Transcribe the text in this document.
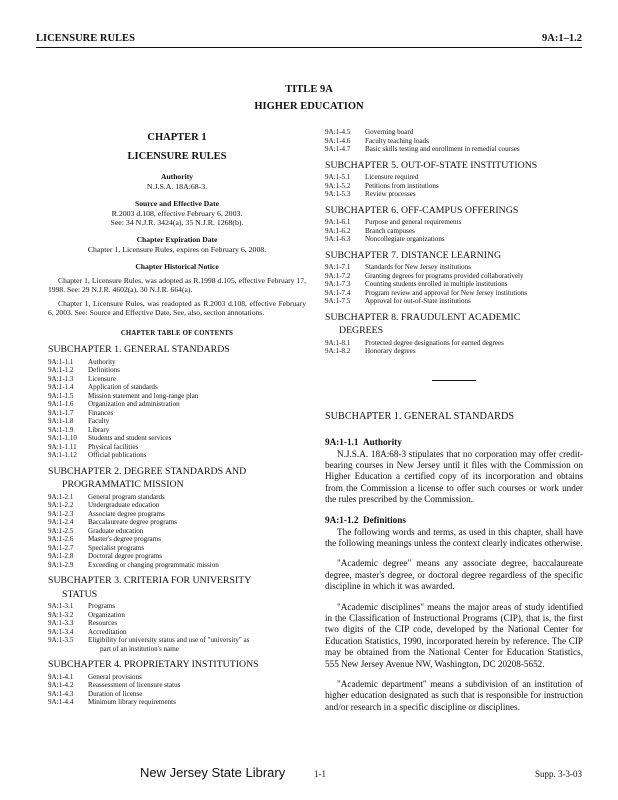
LICENSURE RULES	9A:1–1.2
TITLE 9A
HIGHER EDUCATION
CHAPTER 1
LICENSURE RULES
Authority
N.J.S.A. 18A:68-3.
Source and Effective Date
R.2003 d.108, effective February 6, 2003.
See: 34 N.J.R. 3424(a), 35 N.J.R. 1268(b).
Chapter Expiration Date
Chapter 1, Licensure Rules, expires on February 6, 2008.
Chapter Historical Notice

Chapter 1, Licensure Rules, was adopted as R.1998 d.105, effective February 17, 1998. See: 29 N.J.R. 4602(a), 30 N.J.R. 664(a).

Chapter 1, Licensure Rules, was readopted as R.2003 d.108, effective February 6, 2003. See: Source and Effective Date. See, also, section annotations.

CHAPTER TABLE OF CONTENTS
SUBCHAPTER 1. GENERAL STANDARDS
9A:1-1.1	Authority
9A:1-1.2	Definitions
9A:1-1.3	Licensure
9A:1-1.4	Application of standards
9A:1-1.5	Mission statement and long-range plan
9A:1-1.6	Organization and administration
9A:1-1.7	Finances
9A:1-1.8	Faculty
9A:1-1.9	Library
9A:1-1.10	Students and student services
9A:1-1.11	Physical facilities
9A:1-1.12	Official publications
SUBCHAPTER 2. DEGREE STANDARDS AND
PROGRAMMATIC MISSION
9A:1-2.1	General program standards
9A:1-2.2	Undergraduate education
9A:1-2.3	Associate degree programs
9A:1-2.4	Baccalaureate degree programs
9A:1-2.5	Graduate education
9A:1-2.6	Master's degree programs
9A:1-2.7	Specialist programs
9A:1-2.8	Doctoral degree programs
9A:1-2.9	Exceeding or changing programmatic mission
SUBCHAPTER 3. CRITERIA FOR UNIVERSITY
STATUS
9A:1-3.1	Programs
9A:1-3.2	Organization
9A:1-3.3	Resources
9A:1-3.4	Accreditation
9A:1-3.5	Eligibility for university status and use of "university" as
part of an institution's name
SUBCHAPTER 4. PROPRIETARY INSTITUTIONS
9A:1-4.1	General provisions
9A:1-4.2	Reassessment of licensure status
9A:1-4.3	Duration of license
9A:1-4.4	Minimum library requirements
9A:1-4.5	Governing board
9A:1-4.6	Faculty teaching loads
9A:1-4.7	Basic skills testing and enrollment in remedial courses
SUBCHAPTER 5. OUT-OF-STATE INSTITUTIONS
9A:1-5.1	Licensure required
9A:1-5.2	Petitions from institutions
9A:1-5.3	Review processes
SUBCHAPTER 6. OFF-CAMPUS OFFERINGS
9A:1-6.1	Purpose and general requirements
9A:1-6.2	Branch campuses
9A:1-6.3	Noncollegiate organizations
SUBCHAPTER 7. DISTANCE LEARNING
9A:1-7.1	Standards for New Jersey institutions
9A:1-7.2	Granting degrees for programs provided collaboratively
9A:1-7.3	Counting students enrolled in multiple institutions
9A:1-7.4	Program review and approval for New Jersey institutions
9A:1-7.5	Approval for out-of-State institutions
SUBCHAPTER 8. FRAUDULENT ACADEMIC
DEGREES
9A:1-8.1	Protected degree designations for earned degrees
9A:1-8.2	Honorary degrees
SUBCHAPTER 1. GENERAL STANDARDS
9A:1-1.1 Authority

N.J.S.A. 18A:68-3 stipulates that no corporation may offer credit-bearing courses in New Jersey until it files with the Commission on Higher Education a certified copy of its incorporation and obtains from the Commission a license to offer such courses or work under the rules prescribed by the Commission.

9A:1-1.2 Definitions

The following words and terms, as used in this chapter, shall have the following meanings unless the context clearly indicates otherwise.

"Academic degree" means any associate degree, baccalaureate degree, master's degree, or doctoral degree regardless of the specific discipline in which it was awarded.

"Academic disciplines" means the major areas of study identified in the Classification of Instructional Programs (CIP), that is, the first two digits of the CIP code, developed by the National Center for Education Statistics, 1990, incorporated herein by reference. The CIP may be obtained from the National Center for Education Statistics, 555 New Jersey Avenue NW, Washington, DC 20208-5652.

"Academic department" means a subdivision of an institution of higher education designated as such that is responsible for instruction and/or research in a specific discipline or disciplines.

New Jersey State Library	1-1	Supp. 3-3-03
